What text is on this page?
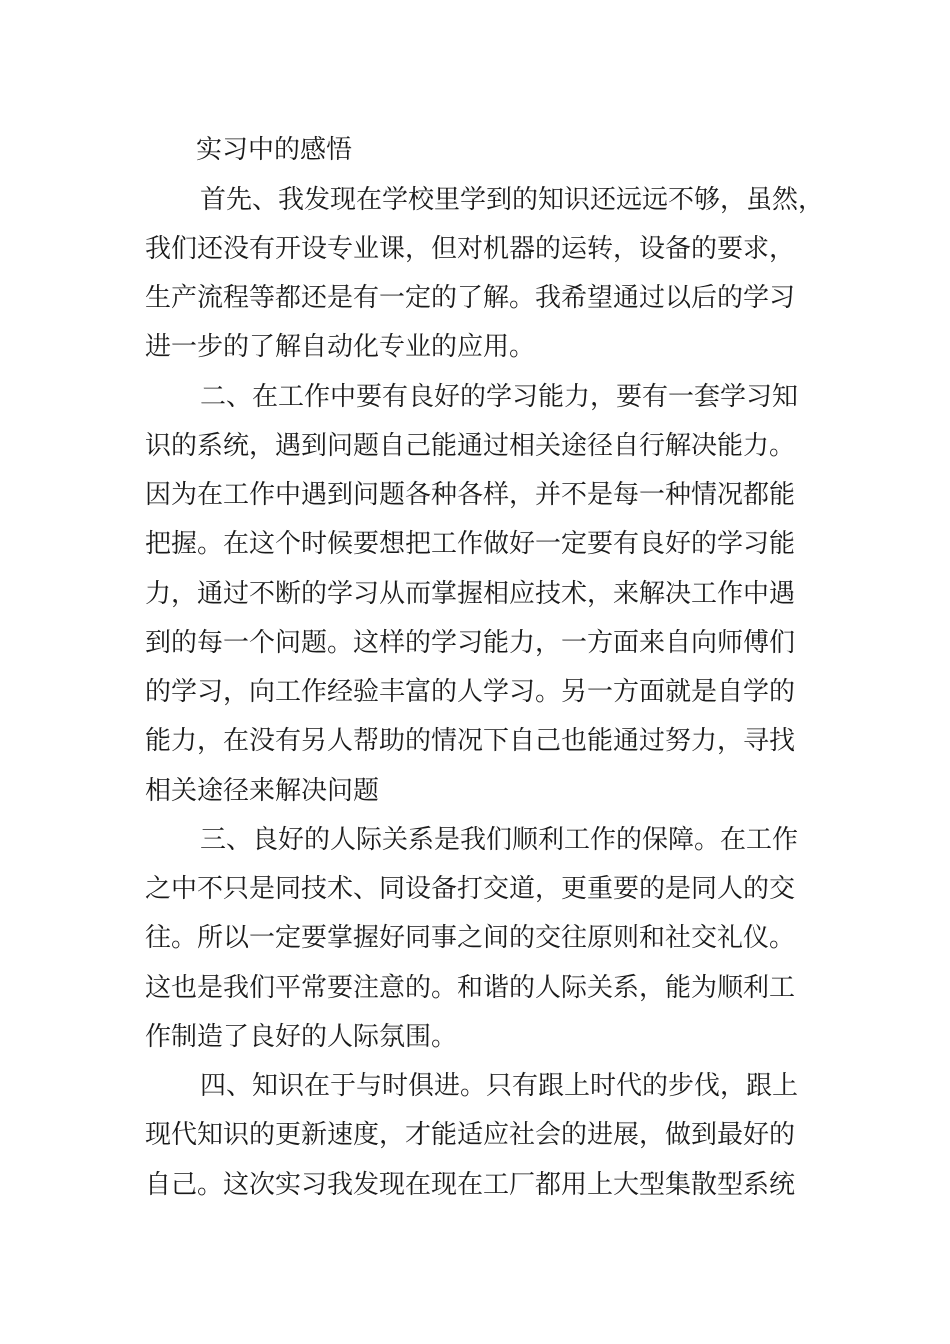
实习中的感悟
首先、我发现在学校里学到的知识还远远不够，虽然，
我们还没有开设专业课，但对机器的运转，设备的要求，
生产流程等都还是有一定的了解。我希望通过以后的学习
进一步的了解自动化专业的应用。
二、在工作中要有良好的学习能力，要有一套学习知
识的系统，遇到问题自己能通过相关途径自行解决能力。
因为在工作中遇到问题各种各样，并不是每一种情况都能
把握。在这个时候要想把工作做好一定要有良好的学习能
力，通过不断的学习从而掌握相应技术，来解决工作中遇
到的每一个问题。这样的学习能力，一方面来自向师傅们
的学习，向工作经验丰富的人学习。另一方面就是自学的
能力，在没有另人帮助的情况下自己也能通过努力，寻找
相关途径来解决问题
三、良好的人际关系是我们顺利工作的保障。在工作
之中不只是同技术、同设备打交道，更重要的是同人的交
往。所以一定要掌握好同事之间的交往原则和社交礼仪。
这也是我们平常要注意的。和谐的人际关系，能为顺利工
作制造了良好的人际氛围。
四、知识在于与时俱进。只有跟上时代的步伐，跟上
现代知识的更新速度，才能适应社会的进展，做到最好的
自己。这次实习我发现在现在工厂都用上大型集散型系统
